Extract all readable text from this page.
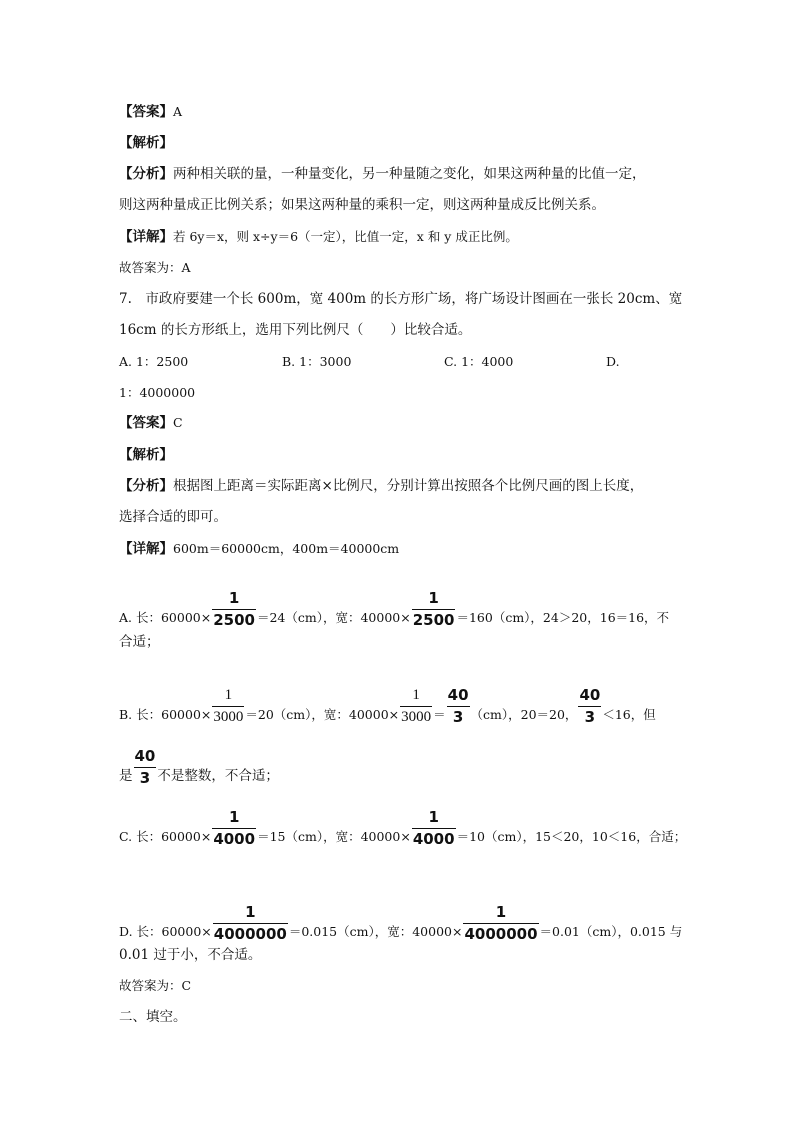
【答案】A
【解析】
【分析】两种相关联的量，一种量变化，另一种量随之变化，如果这两种量的比值一定，
则这两种量成正比例关系；如果这两种量的乘积一定，则这两种量成反比例关系。
【详解】若 6y＝x，则 x÷y＝6（一定），比值一定，x 和 y 成正比例。
故答案为：A
7.　市政府要建一个长 600m，宽 400m 的长方形广场，将广场设计图画在一张长 20cm、宽
16cm 的长方形纸上，选用下列比例尺（　　）比较合适。
A. 1：2500	B. 1：3000	C. 1：4000	D.
1：4000000
【答案】C
【解析】
【分析】根据图上距离＝实际距离×比例尺，分别计算出按照各个比例尺画的图上长度，
选择合适的即可。
【详解】600m＝60000cm，400m＝40000cm
A. 长：$60000\times \frac{1}{2500} =24(cm)$，宽：$40000\times \frac{1}{2500} =160(cm)$，24＞20，16＝16，不
合适；
B. 长：$60000\times \frac{1}{3000} =20(cm)$，宽：$40000\times \frac{1}{3000} = \frac{40}{3} (cm)$，20＝20， $\frac{40}{3} <16$，但
是 $\frac{40}{3}$ 不是整数，不合适；
C. 长：$60000\times \frac{1}{4000} =15(cm)$，宽：$40000\times \frac{1}{4000} =10(cm)$，15＜20，10＜16，合适；
D. 长：$60000\times \frac{1}{4000000} =0.015(cm)$，宽：$40000\times \frac{1}{4000000} =0.01(cm)$，0.015 与
0.01 过于小，不合适。
故答案为：C
二、填空。
